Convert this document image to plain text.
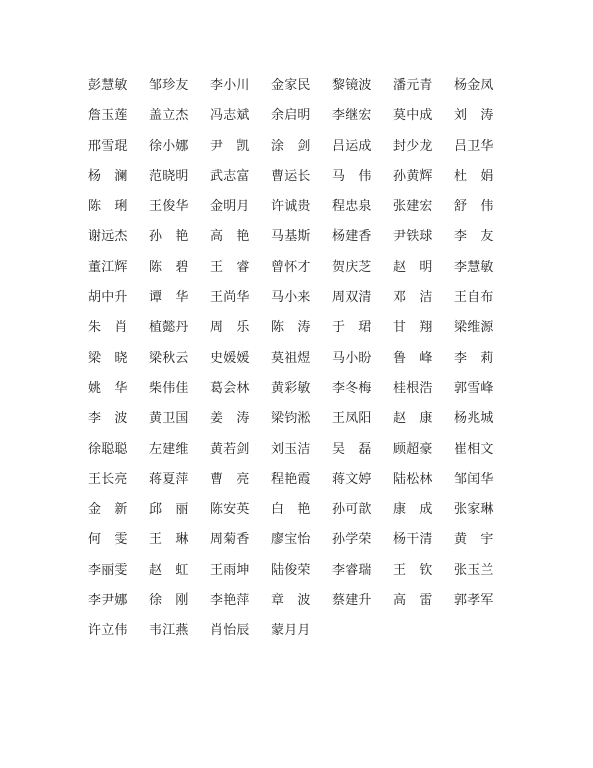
彭慧敏	邹珍友	李小川	金家民	黎镜波	潘元青	杨金凤
詹玉莲	盖立杰	冯志斌	余启明	李继宏	莫中成	刘　涛
邢雪琨	徐小娜	尹　凯	涂　剑	吕运成	封少龙	吕卫华
杨　澜	范晓明	武志富	曹运长	马　伟	孙黄辉	杜　娟
陈　琍	王俊华	金明月	许诚贵	程忠泉	张建宏	舒　伟
谢远杰	孙　艳	高　艳	马基斯	杨建香	尹铁球	李　友
董江辉	陈　碧	王　睿	曾怀才	贺庆芝	赵　明	李慧敏
胡中升	谭　华	王尚华	马小来	周双清	邓　洁	王自布
朱　肖	植懿丹	周　乐	陈　涛	于　珺	甘　翔	梁维源
梁　晓	梁秋云	史媛媛	莫祖煜	马小盼	鲁　峰	李　莉
姚　华	柴伟佳	葛会林	黄彩敏	李冬梅	桂根浩	郭雪峰
李　波	黄卫国	姜　涛	梁钧淞	王凤阳	赵　康	杨兆城
徐聪聪	左建维	黄若剑	刘玉洁	吴　磊	顾超豪	崔相文
王长亮	蒋夏萍	曹　亮	程艳霞	蒋文婷	陆松林	邹闰华
金　新	邱　丽	陈安英	白　艳	孙可歆	康　成	张家琳
何　雯	王　琳	周菊香	廖宝怡	孙学荣	杨干清	黄　宇
李丽雯	赵　虹	王雨坤	陆俊荣	李睿瑞	王　钦	张玉兰
李尹娜	徐　刚	李艳萍	章　波	蔡建升	高　雷	郭孝军
许立伟	韦江燕	肖怡辰	蒙月月
